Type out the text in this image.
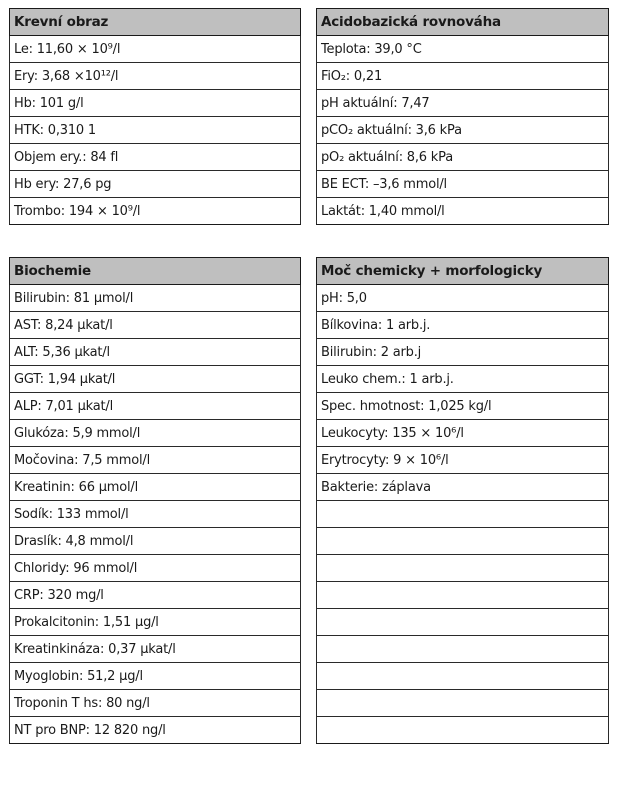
Krevní obraz
Le: 11,60 × 10⁹/l
Ery: 3,68 ×10¹²/l
Hb: 101 g/l
HTK: 0,310 1
Objem ery.: 84 fl
Hb ery: 27,6 pg
Trombo: 194 × 10⁹/l
Acidobazická rovnováha
Teplota: 39,0 °C
FiO₂: 0,21
pH aktuální: 7,47
pCO₂ aktuální: 3,6 kPa
pO₂ aktuální: 8,6 kPa
BE ECT: –3,6 mmol/l
Laktát: 1,40 mmol/l
Biochemie
Bilirubin: 81 μmol/l
AST: 8,24 μkat/l
ALT: 5,36 μkat/l
GGT: 1,94 μkat/l
ALP: 7,01 μkat/l
Glukóza: 5,9 mmol/l
Močovina: 7,5 mmol/l
Kreatinin: 66 μmol/l
Sodík: 133 mmol/l
Draslík: 4,8 mmol/l
Chloridy: 96 mmol/l
CRP: 320 mg/l
Prokalcitonin: 1,51 μg/l
Kreatinkináza: 0,37 μkat/l
Myoglobin: 51,2 μg/l
Troponin T hs: 80 ng/l
NT pro BNP: 12 820 ng/l
Moč chemicky + morfologicky
pH: 5,0
Bílkovina: 1 arb.j.
Bilirubin: 2 arb.j
Leuko chem.: 1 arb.j.
Spec. hmotnost: 1,025 kg/l
Leukocyty: 135 × 10⁶/l
Erytrocyty: 9 × 10⁶/l
Bakterie: záplava
